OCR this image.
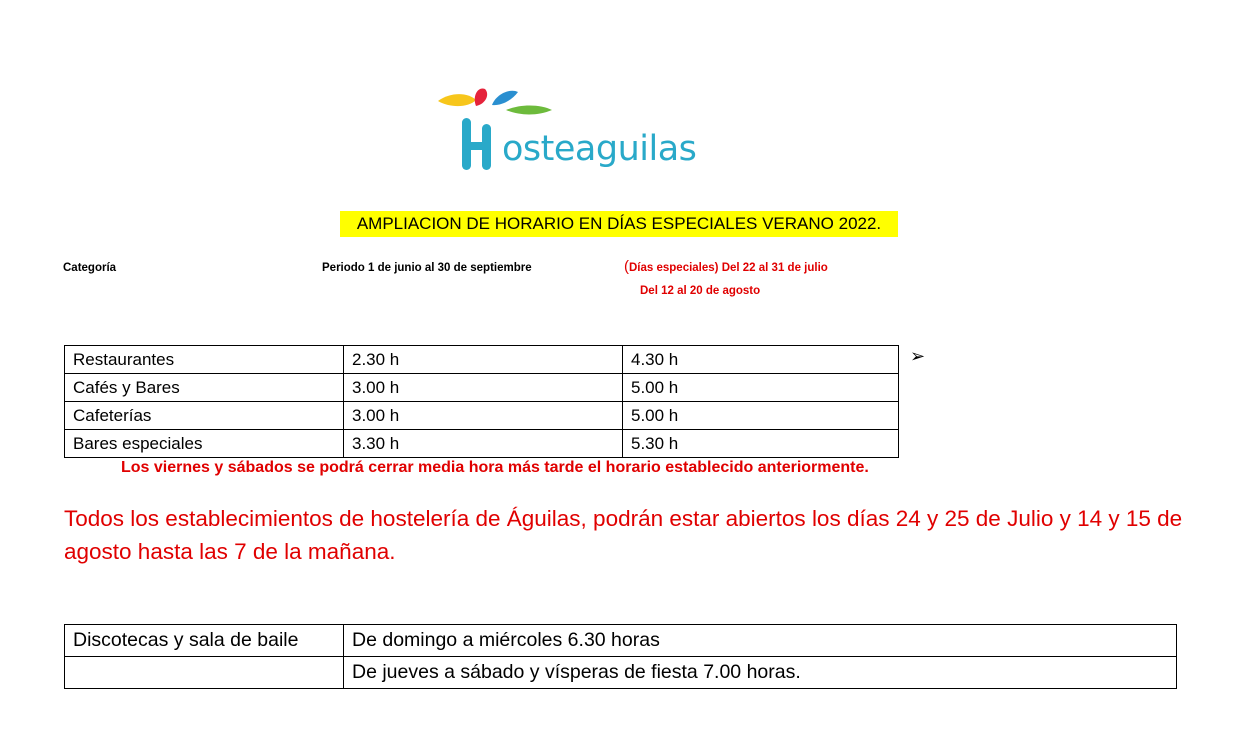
osteaguilas
AMPLIACION DE HORARIO EN DÍAS ESPECIALES VERANO 2022.
Categoría	Periodo 1 de junio al 30 de septiembre	(Días especiales) Del 22 al 31 de julio
Del 12 al 20 de agosto
Restaurantes	2.30 h	4.30 h
Cafés y Bares	3.00 h	5.00 h
Cafeterías	3.00 h	5.00 h
Bares especiales	3.30 h	5.30 h
➢
Los viernes y sábados se podrá cerrar media hora más tarde el horario establecido anteriormente.
Todos los establecimientos de hostelería de Águilas, podrán estar abiertos los días 24 y 25 de Julio y 14 y 15 de agosto hasta las 7 de la mañana.
Discotecas y sala de baile	De domingo a miércoles 6.30 horas
	De jueves a sábado y vísperas de fiesta 7.00 horas.
